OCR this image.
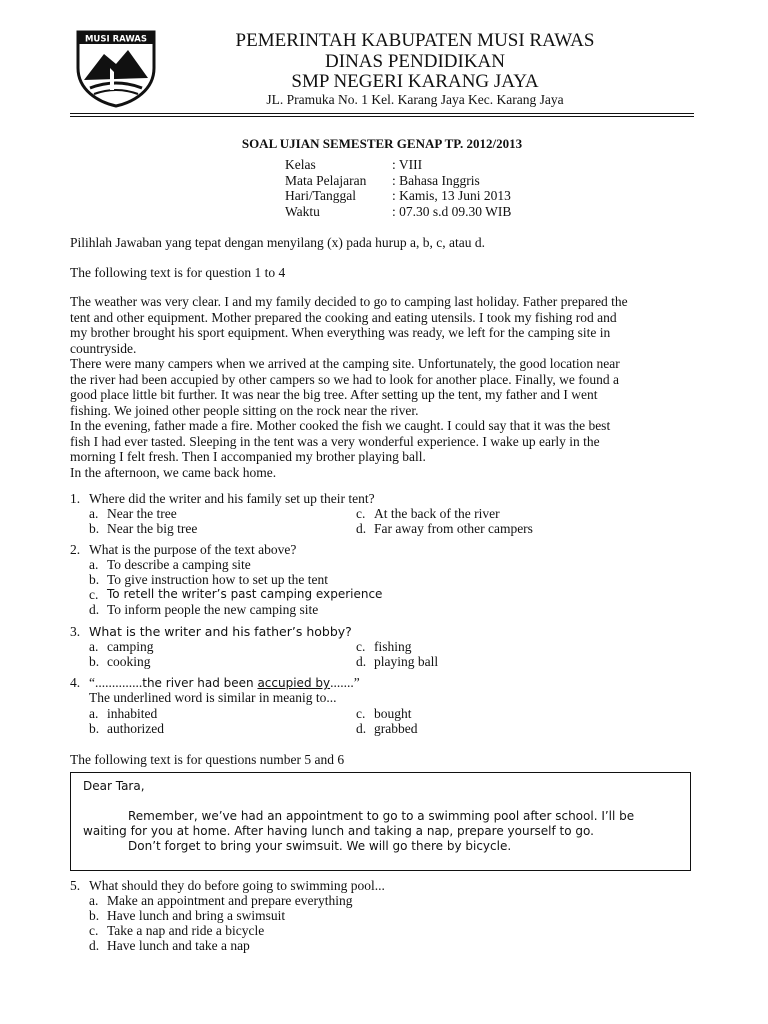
MUSI RAWAS	PEMERINTAH KABUPATEN MUSI RAWAS
DINAS PENDIDIKAN
SMP NEGERI KARANG JAYA
JL. Pramuka No. 1 Kel. Karang Jaya Kec. Karang Jaya
SOAL UJIAN SEMESTER GENAP TP. 2012/2013
Kelas	: VIII
Mata Pelajaran	: Bahasa Inggris
Hari/Tanggal	: Kamis, 13 Juni 2013
Waktu	: 07.30 s.d 09.30 WIB
Pilihlah Jawaban yang tepat dengan menyilang (x) pada hurup a, b, c, atau d.
The following text is for question 1 to 4
The weather was very clear. I and my family decided to go to camping last holiday. Father prepared the
tent and other equipment. Mother prepared the cooking and eating utensils. I took my fishing rod and
my brother brought his sport equipment. When everything was ready, we left for the camping site in
countryside.
There were many campers when we arrived at the camping site. Unfortunately, the good location near
the river had been accupied by other campers so we had to look for another place. Finally, we found a
good place little bit further. It was near the big tree. After setting up the tent, my father and I went
fishing. We joined other people sitting on the rock near the river.
In the evening, father made a fire. Mother cooked the fish we caught. I could say that it was the best
fish I had ever tasted. Sleeping in the tent was a very wonderful experience. I wake up early in the
morning I felt fresh. Then I accompanied my brother playing ball.
In the afternoon, we came back home.
1. Where did the writer and his family set up their tent?
a. Near the tree	c. At the back of the river
b. Near the big tree	d. Far away from other campers
2. What is the purpose of the text above?
a. To describe a camping site
b. To give instruction how to set up the tent
c. To retell the writer’s past camping experience
d. To inform people the new camping site
3. What is the writer and his father’s hobby?
a. camping	c. fishing
b. cooking	d. playing ball
4. “..............the river had been accupied by.......”
The underlined word is similar in meanig to...
a. inhabited	c. bought
b. authorized	d. grabbed
The following text is for questions number 5 and 6
Dear Tara,
Remember, we’ve had an appointment to go to a swimming pool after school. I’ll be
waiting for you at home. After having lunch and taking a nap, prepare yourself to go.
Don’t forget to bring your swimsuit. We will go there by bicycle.
5. What should they do before going to swimming pool...
a. Make an appointment and prepare everything
b. Have lunch and bring a swimsuit
c. Take a nap and ride a bicycle
d. Have lunch and take a nap
